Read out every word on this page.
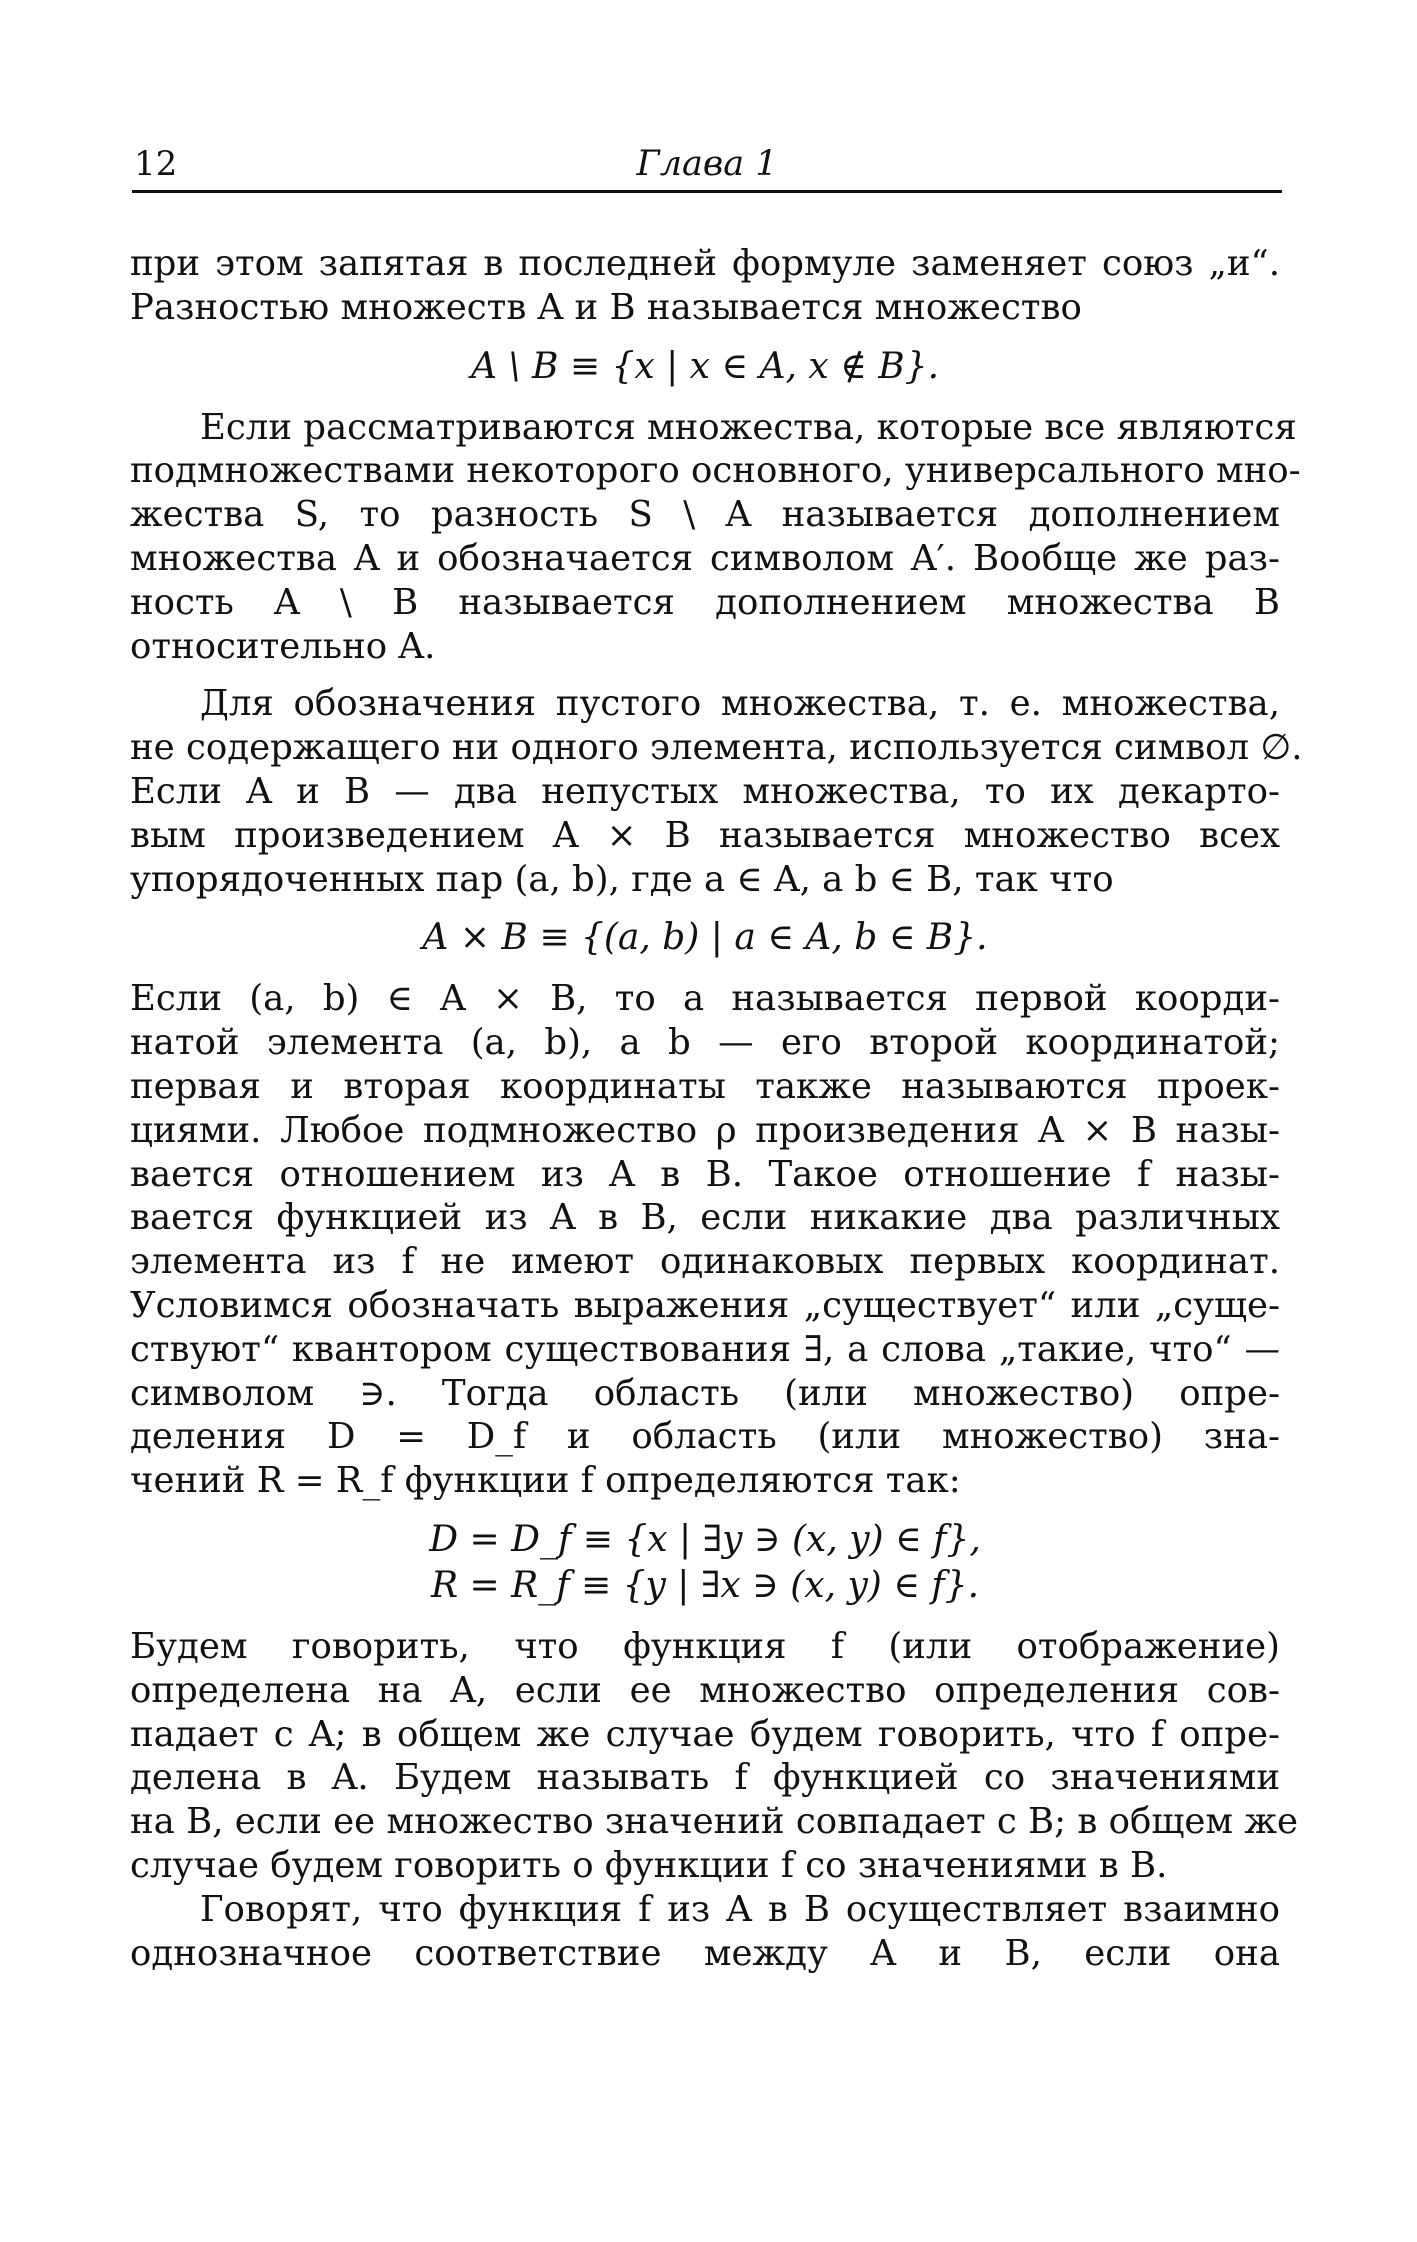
12	Глава 1
при этом запятая в последней формуле заменяет союз „и“.
Разностью множеств A и B называется множество
A \ B ≡ {x | x ∈ A, x ∉ B}.
Если рассматриваются множества, которые все являются
подмножествами некоторого основного, универсального мно-
жества S, то разность S \ A называется дополнением
множества A и обозначается символом A′. Вообще же раз-
ность A \ B называется дополнением множества B
относительно A.
Для обозначения пустого множества, т. е. множества,
не содержащего ни одного элемента, используется символ ∅.
Если A и B — два непустых множества, то их декарто-
вым произведением A × B называется множество всех
упорядоченных пар (a, b), где a ∈ A, а b ∈ B, так что
A × B ≡ {(a, b) | a ∈ A, b ∈ B}.
Если (a, b) ∈ A × B, то a называется первой коорди-
натой элемента (a, b), а b — его второй координатой;
первая и вторая координаты также называются проек-
циями. Любое подмножество ρ произведения A × B назы-
вается отношением из A в B. Такое отношение f назы-
вается функцией из A в B, если никакие два различных
элемента из f не имеют одинаковых первых координат.
Условимся обозначать выражения „существует“ или „суще-
ствуют“ квантором существования ∃, а слова „такие, что“ —
символом ∋. Тогда область (или множество) опре-
деления D = D_f и область (или множество) зна-
чений R = R_f функции f определяются так:
D = D_f ≡ {x | ∃y ∋ (x, y) ∈ f},
R = R_f ≡ {y | ∃x ∋ (x, y) ∈ f}.
Будем говорить, что функция f (или отображение)
определена на A, если ее множество определения сов-
падает с A; в общем же случае будем говорить, что f опре-
делена в A. Будем называть f функцией со значениями
на B, если ее множество значений совпадает с B; в общем же
случае будем говорить о функции f со значениями в B.
Говорят, что функция f из A в B осуществляет взаимно
однозначное соответствие между A и B, если она
